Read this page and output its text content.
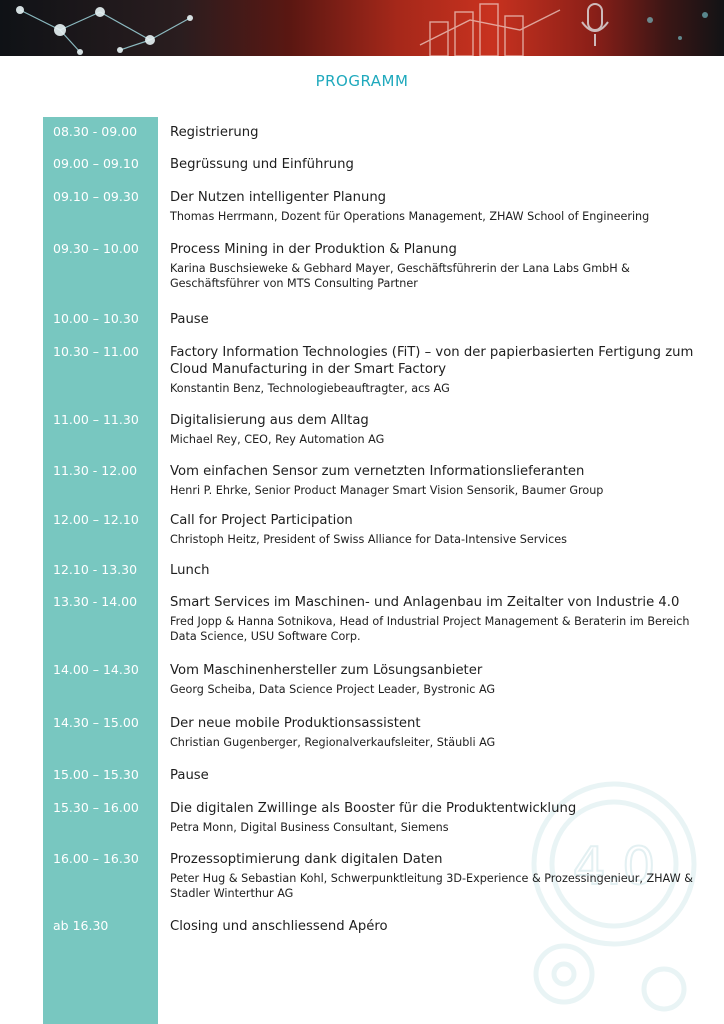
PROGRAMM
4.0
08.30 - 09.00 Registrierung
09.00 – 09.10 Begrüssung und Einführung
09.10 – 09.30 Der Nutzen intelligenter Planung
Thomas Herrmann, Dozent für Operations Management, ZHAW School of Engineering
09.30 – 10.00 Process Mining in der Produktion & Planung
Karina Buschsieweke & Gebhard Mayer, Geschäftsführerin der Lana Labs GmbH & Geschäftsführer von MTS Consulting Partner
10.00 – 10.30 Pause
10.30 – 11.00 Factory Information Technologies (FiT) – von der papierbasierten Fertigung zum Cloud Manufacturing in der Smart Factory
Konstantin Benz, Technologiebeauftragter, acs AG
11.00 – 11.30 Digitalisierung aus dem Alltag
Michael Rey, CEO, Rey Automation AG
11.30 - 12.00 Vom einfachen Sensor zum vernetzten Informationslieferanten
Henri P. Ehrke, Senior Product Manager Smart Vision Sensorik, Baumer Group
12.00 – 12.10 Call for Project Participation
Christoph Heitz, President of Swiss Alliance for Data-Intensive Services
12.10 - 13.30 Lunch
13.30 - 14.00 Smart Services im Maschinen- und Anlagenbau im Zeitalter von Industrie 4.0
Fred Jopp & Hanna Sotnikova, Head of Industrial Project Management & Beraterin im Bereich Data Science, USU Software Corp.
14.00 – 14.30 Vom Maschinenhersteller zum Lösungsanbieter
Georg Scheiba, Data Science Project Leader, Bystronic AG
14.30 – 15.00 Der neue mobile Produktionsassistent
Christian Gugenberger, Regionalverkaufsleiter, Stäubli AG
15.00 – 15.30 Pause
15.30 – 16.00 Die digitalen Zwillinge als Booster für die Produktentwicklung
Petra Monn, Digital Business Consultant, Siemens
16.00 – 16.30 Prozessoptimierung dank digitalen Daten
Peter Hug & Sebastian Kohl, Schwerpunktleitung 3D-Experience & Prozessingenieur, ZHAW & Stadler Winterthur AG
ab 16.30	Closing und anschliessend Apéro
